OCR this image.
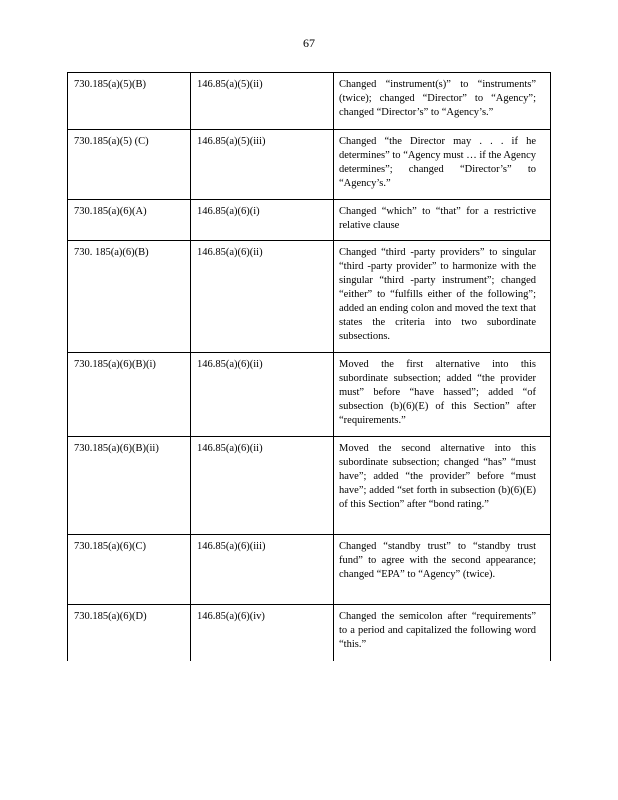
67
730.185(a)(5)(B)	146.85(a)(5)(ii)	Changed “instrument(s)” to “instruments” (twice); changed “Director” to “Agency”; changed “Director’s” to “Agency’s.”
730.185(a)(5) (C)	146.85(a)(5)(iii)	Changed “the Director may . . . if he determines” to “Agency must … if the Agency determines”; changed “Director’s” to “Agency’s.”
730.185(a)(6)(A)	146.85(a)(6)(i)	Changed “which” to “that” for a restrictive relative clause
730. 185(a)(6)(B)	146.85(a)(6)(ii)	Changed “third -party providers” to singular “third -party provider” to harmonize with the singular “third -party instrument”; changed “either” to “fulfills either of the following”; added an ending colon and moved the text that states the criteria into two subordinate subsections.
730.185(a)(6)(B)(i)	146.85(a)(6)(ii)	Moved the first alternative into this subordinate subsection; added “the provider must” before “have hassed”; added “of subsection (b)(6)(E) of this Section” after “requirements.”
730.185(a)(6)(B)(ii)	146.85(a)(6)(ii)	Moved the second alternative into this subordinate subsection; changed “has” “must have”; added “the provider” before “must have”; added “set forth in subsection (b)(6)(E) of this Section” after “bond rating.”
730.185(a)(6)(C)	146.85(a)(6)(iii)	Changed “standby trust” to “standby trust fund” to agree with the second appearance; changed “EPA” to “Agency” (twice).
730.185(a)(6)(D)	146.85(a)(6)(iv)	Changed the semicolon after “requirements” to a period and capitalized the following word “this.”
